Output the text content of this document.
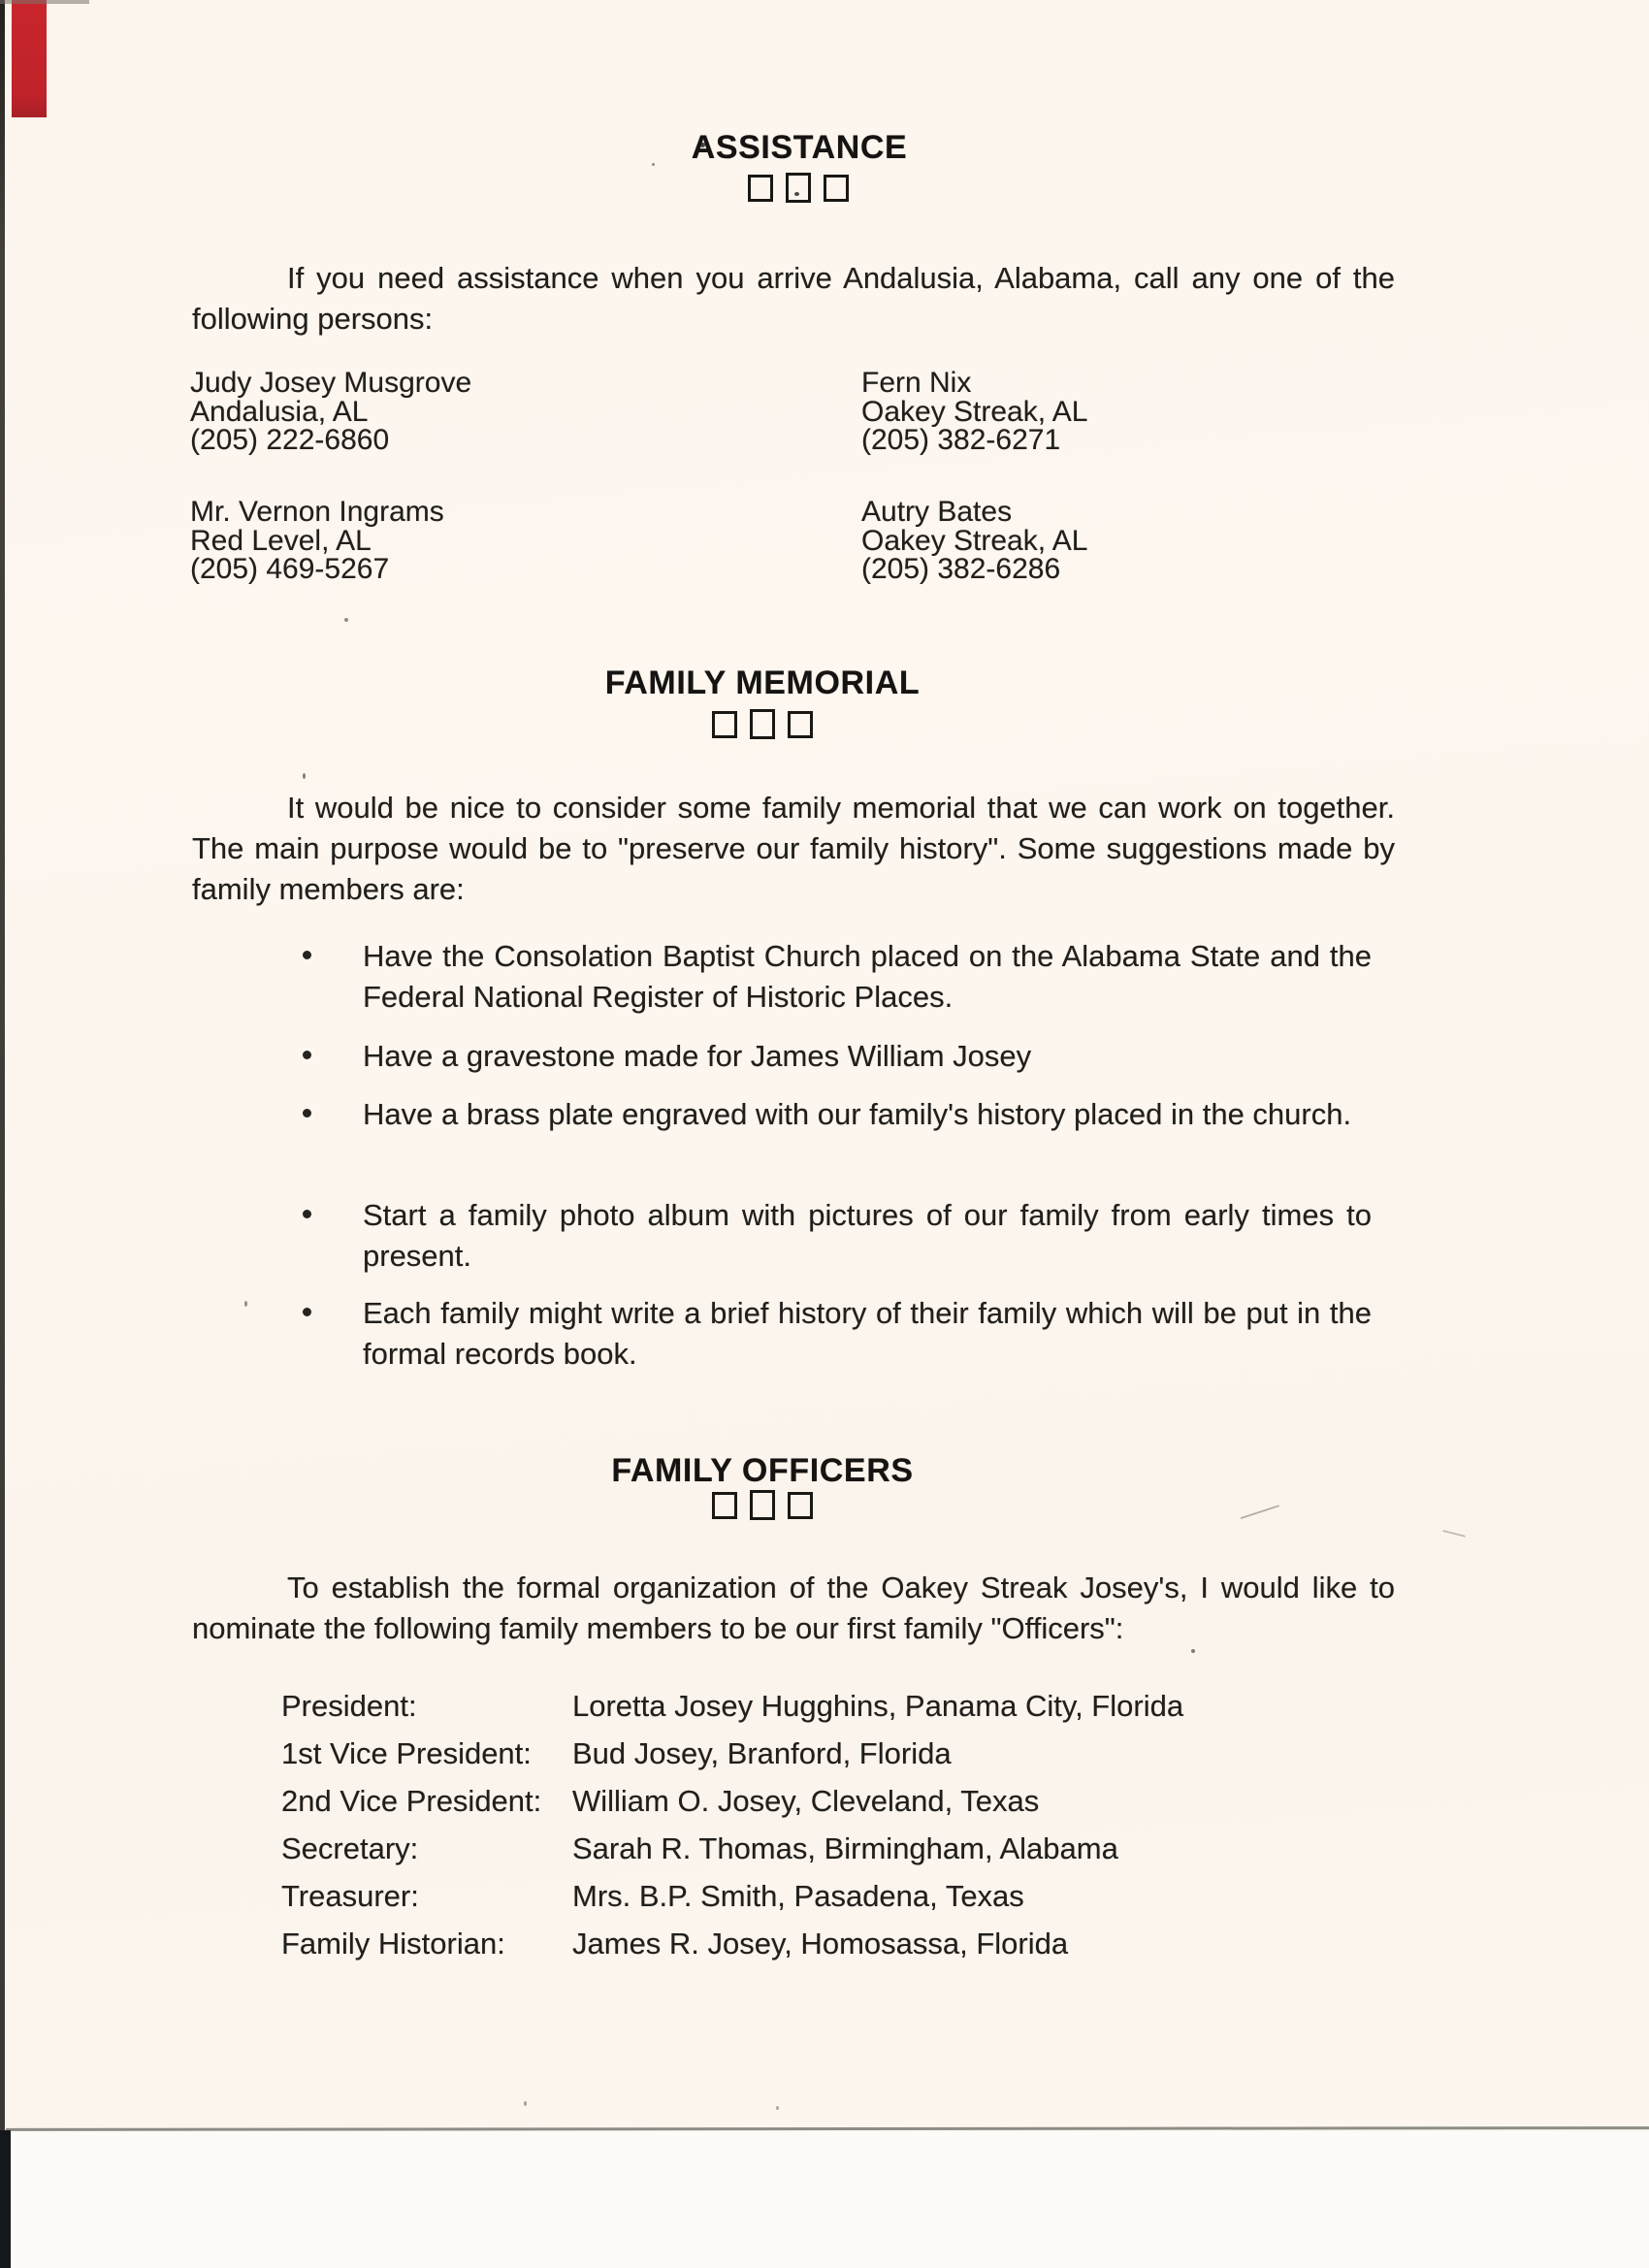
ASSISTANCE
If you need assistance when you arrive Andalusia, Alabama, call any one of the following persons:
Judy Josey Musgrove
Andalusia, AL
(205) 222-6860
Fern Nix
Oakey Streak, AL
(205) 382-6271
Mr. Vernon Ingrams
Red Level, AL
(205) 469-5267
Autry Bates
Oakey Streak, AL
(205) 382-6286
FAMILY MEMORIAL
It would be nice to consider some family memorial that we can work on together. The main purpose would be to "preserve our family history". Some suggestions made by family members are:
Have the Consolation Baptist Church placed on the Alabama State and the Federal National Register of Historic Places.
Have a gravestone made for James William Josey
Have a brass plate engraved with our family's history placed in the church.
Start a family photo album with pictures of our family from early times to present.
Each family might write a brief history of their family which will be put in the formal records book.
FAMILY OFFICERS
To establish the formal organization of the Oakey Streak Josey's, I would like to nominate the following family members to be our first family "Officers":
President:	Loretta Josey Hugghins, Panama City, Florida
1st Vice President:	Bud Josey, Branford, Florida
2nd Vice President:	William O. Josey, Cleveland, Texas
Secretary:	Sarah R. Thomas, Birmingham, Alabama
Treasurer:	Mrs. B.P. Smith, Pasadena, Texas
Family Historian:	James R. Josey, Homosassa, Florida
